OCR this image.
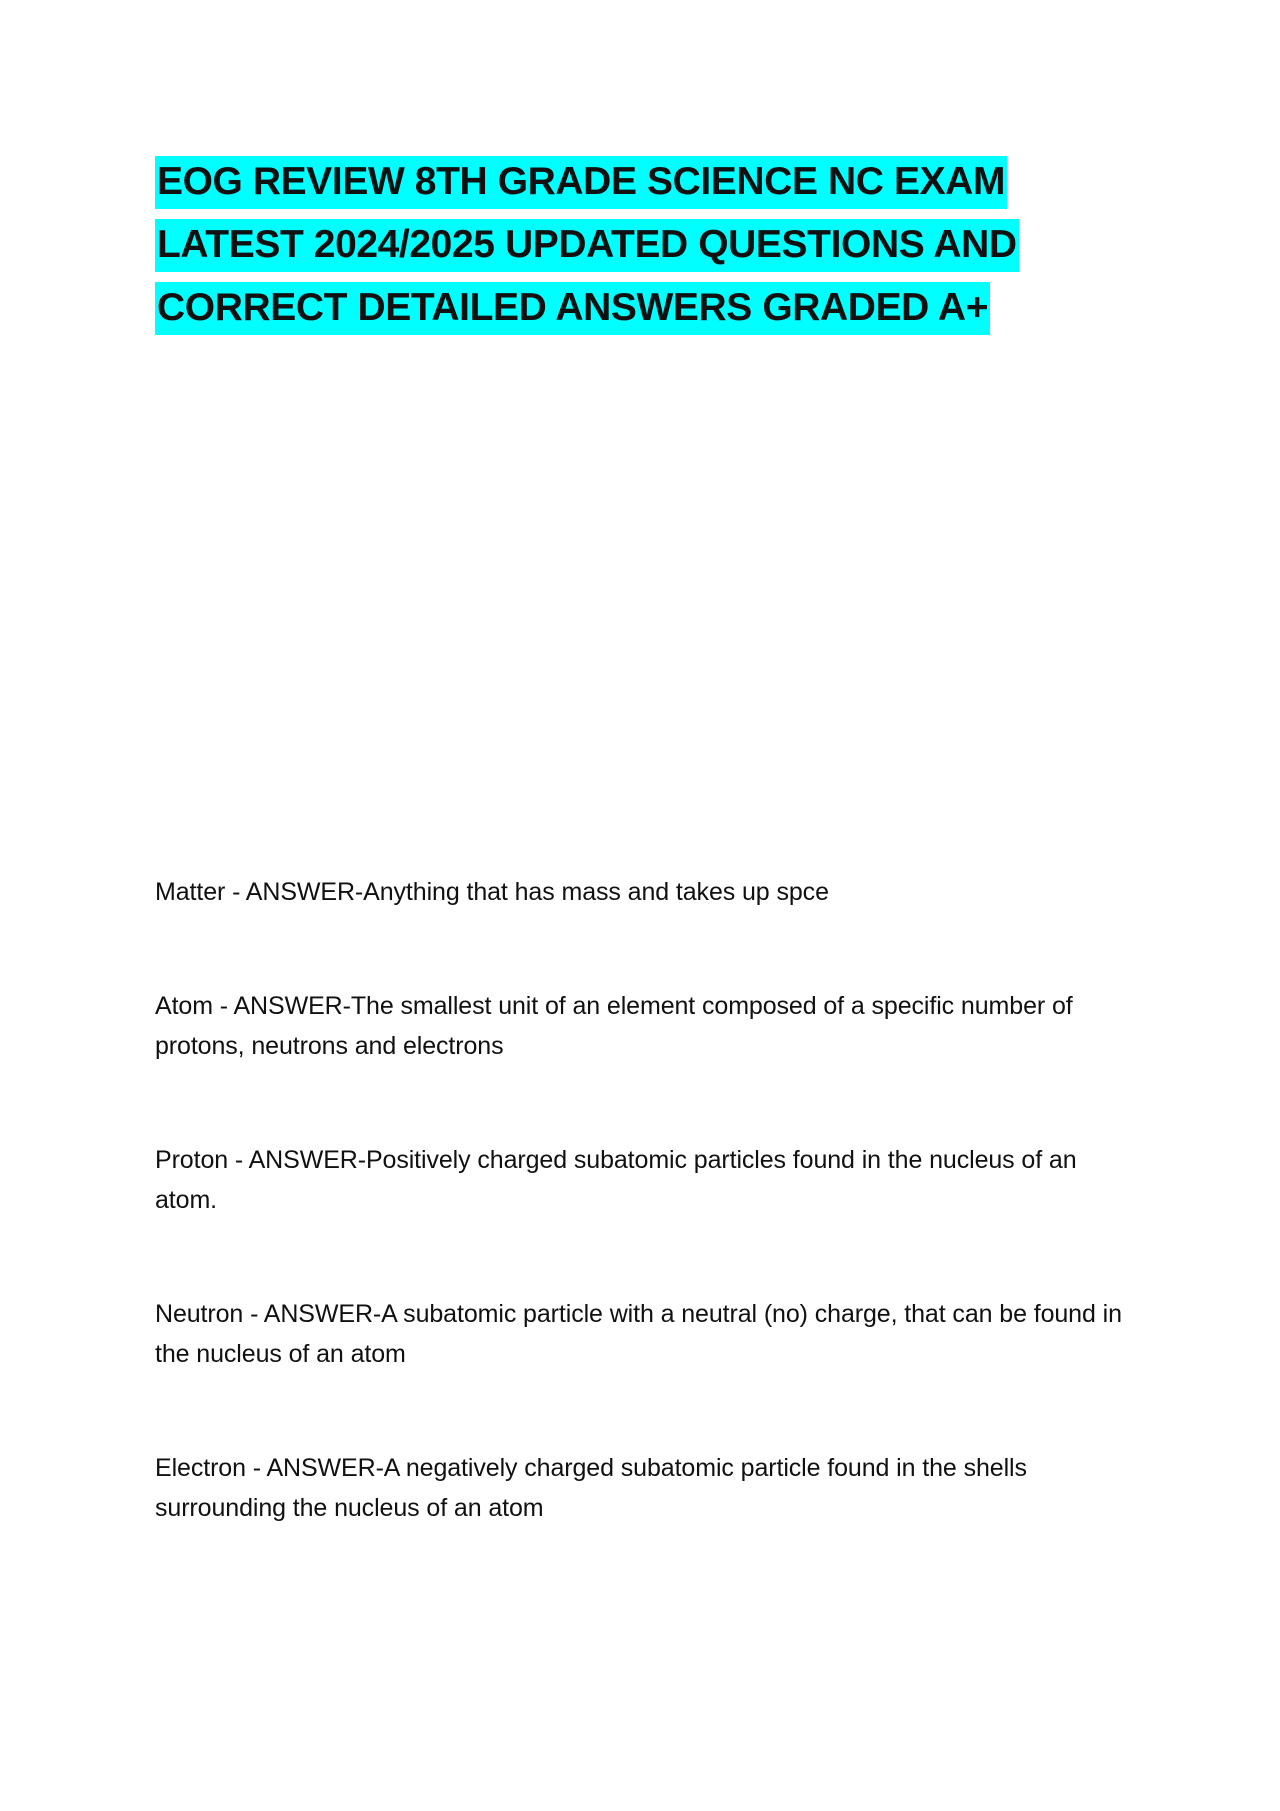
EOG REVIEW 8TH GRADE SCIENCE NC EXAM
LATEST 2024/2025 UPDATED QUESTIONS AND
CORRECT DETAILED ANSWERS GRADED A+
Matter - ANSWER-Anything that has mass and takes up spce
Atom - ANSWER-The smallest unit of an element composed of a specific number of protons, neutrons and electrons
Proton - ANSWER-Positively charged subatomic particles found in the nucleus of an atom.
Neutron - ANSWER-A subatomic particle with a neutral (no) charge, that can be found in the nucleus of an atom
Electron - ANSWER-A negatively charged subatomic particle found in the shells surrounding the nucleus of an atom
